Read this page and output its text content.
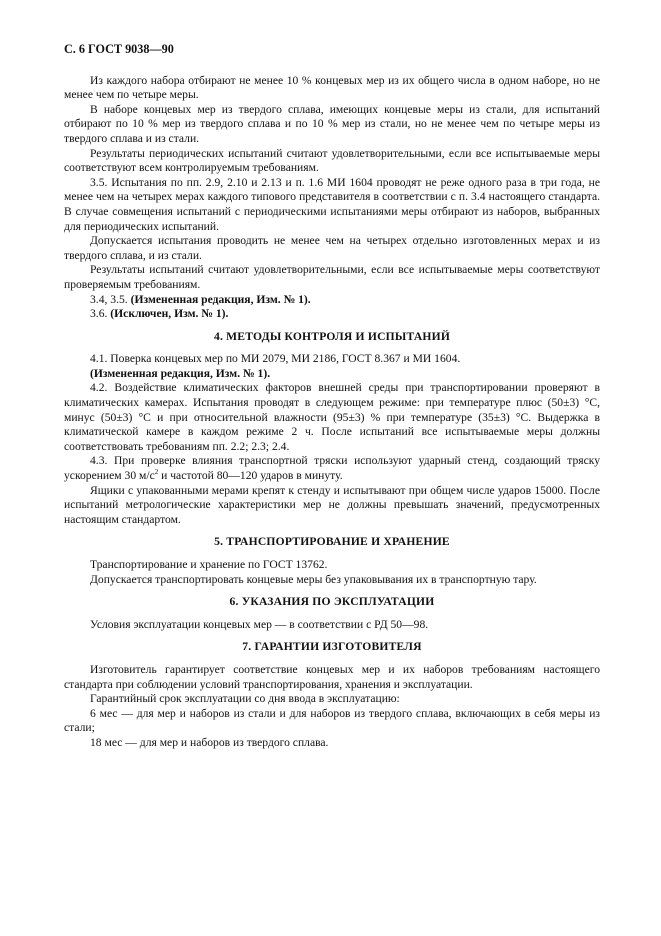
С. 6 ГОСТ 9038—90

Из каждого набора отбирают не менее 10 % концевых мер из их общего числа в одном наборе, но не менее чем по четыре меры.

В наборе концевых мер из твердого сплава, имеющих концевые меры из стали, для испытаний отбирают по 10 % мер из твердого сплава и по 10 % мер из стали, но не менее чем по четыре меры из твердого сплава и из стали.

Результаты периодических испытаний считают удовлетворительными, если все испытываемые меры соответствуют всем контролируемым требованиям.

3.5. Испытания по пп. 2.9, 2.10 и 2.13 и п. 1.6 МИ 1604 проводят не реже одного раза в три года, не менее чем на четырех мерах каждого типового представителя в соответствии с п. 3.4 настоящего стандарта. В случае совмещения испытаний с периодическими испытаниями меры отбирают из наборов, выбранных для периодических испытаний.

Допускается испытания проводить не менее чем на четырех отдельно изготовленных мерах и из твердого сплава, и из стали.

Результаты испытаний считают удовлетворительными, если все испытываемые меры соответствуют проверяемым требованиям.

3.4, 3.5. (Измененная редакция, Изм. № 1).

3.6. (Исключен, Изм. № 1).

4. МЕТОДЫ КОНТРОЛЯ И ИСПЫТАНИЙ

4.1. Поверка концевых мер по МИ 2079, МИ 2186, ГОСТ 8.367 и МИ 1604.

(Измененная редакция, Изм. № 1).

4.2. Воздействие климатических факторов внешней среды при транспортировании проверяют в климатических камерах. Испытания проводят в следующем режиме: при температуре плюс (50±3) °С, минус (50±3) °С и при относительной влажности (95±3) % при температуре (35±3) °С. Выдержка в климатической камере в каждом режиме 2 ч. После испытаний все испытываемые меры должны соответствовать требованиям пп. 2.2; 2.3; 2.4.

4.3. При проверке влияния транспортной тряски используют ударный стенд, создающий тряску ускорением 30 $м/с^2$ и частотой 80—120 ударов в минуту.

Ящики с упакованными мерами крепят к стенду и испытывают при общем числе ударов 15000. После испытаний метрологические характеристики мер не должны превышать значений, предусмотренных настоящим стандартом.

5. ТРАНСПОРТИРОВАНИЕ И ХРАНЕНИЕ

Транспортирование и хранение по ГОСТ 13762.

Допускается транспортировать концевые меры без упаковывания их в транспортную тару.

6. УКАЗАНИЯ ПО ЭКСПЛУАТАЦИИ

Условия эксплуатации концевых мер — в соответствии с РД 50—98.

7. ГАРАНТИИ ИЗГОТОВИТЕЛЯ

Изготовитель гарантирует соответствие концевых мер и их наборов требованиям настоящего стандарта при соблюдении условий транспортирования, хранения и эксплуатации.

Гарантийный срок эксплуатации со дня ввода в эксплуатацию:

6 мес — для мер и наборов из стали и для наборов из твердого сплава, включающих в себя меры из стали;

18 мес — для мер и наборов из твердого сплава.
